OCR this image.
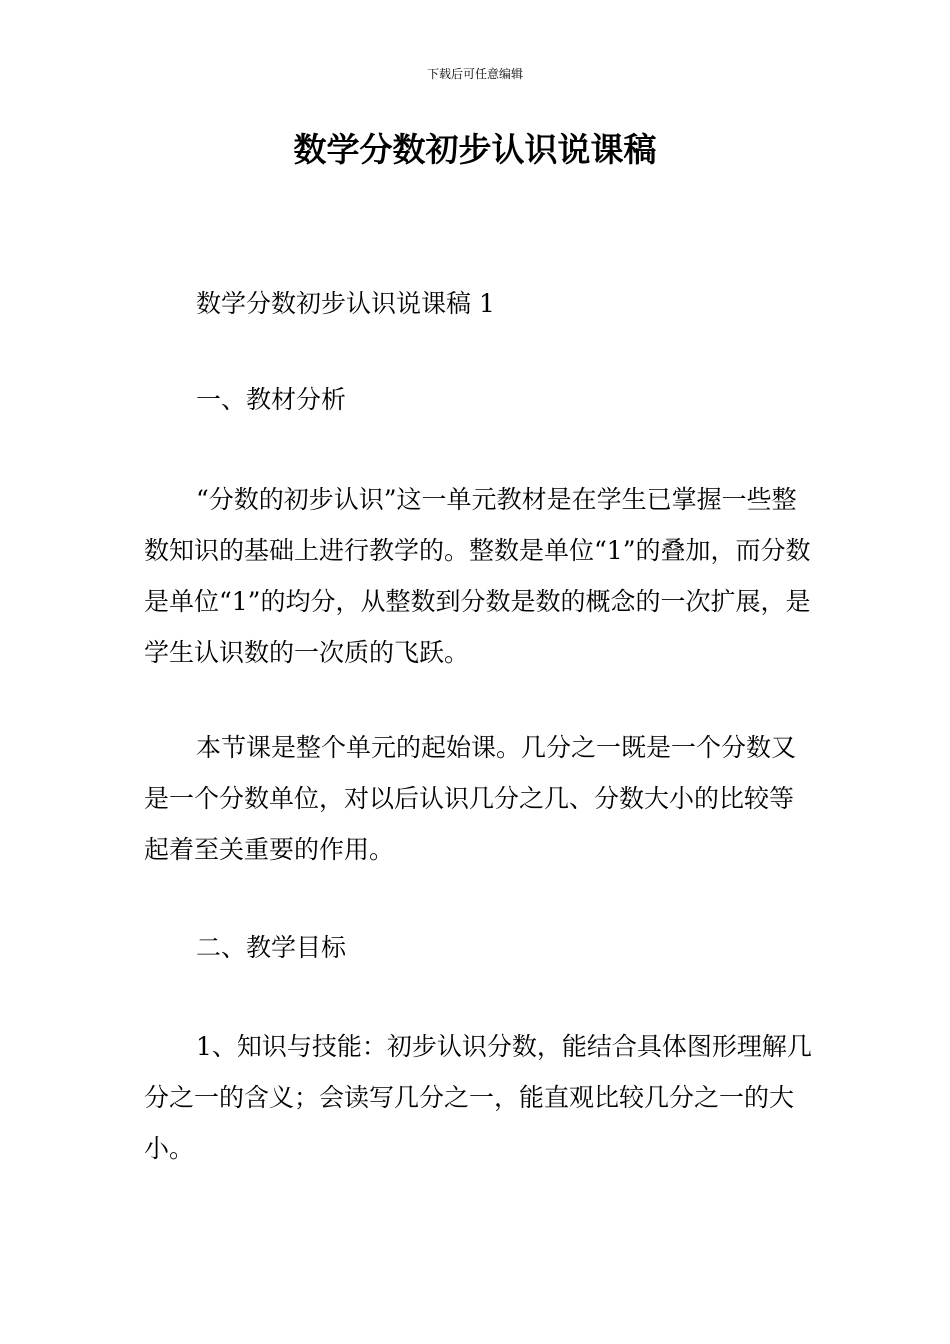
下载后可任意编辑
数学分数初步认识说课稿

数学分数初步认识说课稿 1

一、教材分析

“分数的初步认识”这一单元教材是在学生已掌握一些整数知识的基础上进行教学的。整数是单位“1”的叠加，而分数是单位“1”的均分，从整数到分数是数的概念的一次扩展，是学生认识数的一次质的飞跃。

本节课是整个单元的起始课。几分之一既是一个分数又是一个分数单位，对以后认识几分之几、分数大小的比较等起着至关重要的作用。

二、教学目标

1、知识与技能：初步认识分数，能结合具体图形理解几分之一的含义；会读写几分之一，能直观比较几分之一的大小。
